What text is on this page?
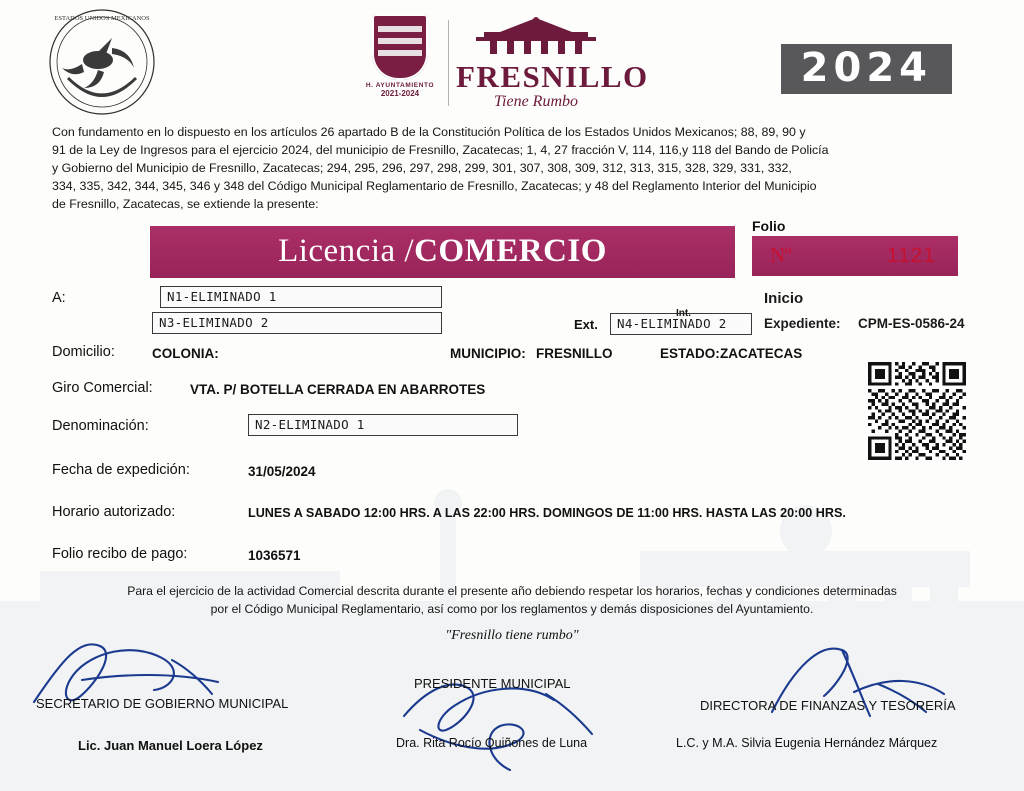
ESTADOS UNIDOS MEXICANOS
H. AYUNTAMIENTO
2021-2024	FRESNILLO
Tiene Rumbo
2024
Con fundamento en lo dispuesto en los artículos 26 apartado B de la Constitución Política de los Estados Unidos Mexicanos; 88, 89, 90 y
91 de la Ley de Ingresos para el ejercicio 2024, del municipio de Fresnillo, Zacatecas; 1, 4, 27 fracción V, 114, 116,y 118 del Bando de Policía
y Gobierno del Municipio de Fresnillo, Zacatecas; 294, 295, 296, 297, 298, 299, 301, 307, 308, 309, 312, 313, 315, 328, 329, 331, 332,
334, 335, 342, 344, 345, 346 y 348 del Código Municipal Reglamentario de Fresnillo, Zacatecas; y 48 del Reglamento Interior del Municipio
de Fresnillo, Zacatecas, se extiende la presente:
Licencia / COMERCIO
Folio
Nº	1121
A:	N1-ELIMINADO 1
N3-ELIMINADO 2	Ext.	N4-ELIMINADO 2
Int.
Inicio
Expediente: CPM-ES-0586-24
Domicilio:	COLONIA:	MUNICIPIO: FRESNILLO	ESTADO: ZACATECAS
Giro Comercial:	VTA. P/ BOTELLA CERRADA EN ABARROTES
Denominación:	N2-ELIMINADO 1
Fecha de expedición:	31/05/2024
Horario autorizado:	LUNES A SABADO 12:00 HRS. A LAS 22:00 HRS. DOMINGOS DE 11:00 HRS. HASTA LAS 20:00 HRS.
Folio recibo de pago:	1036571
Para el ejercicio de la actividad Comercial descrita durante el presente año debiendo respetar los horarios, fechas y condiciones determinadas
por el Código Municipal Reglamentario, así como por los reglamentos y demás disposiciones del Ayuntamiento.
"Fresnillo tiene rumbo"
SECRETARIO DE GOBIERNO MUNICIPAL
Lic. Juan Manuel Loera López
PRESIDENTE MUNICIPAL
Dra. Rita Rocío Quiñones de Luna
DIRECTORA DE FINANZAS Y TESORERÍA
L.C. y M.A. Silvia Eugenia Hernández Márquez
